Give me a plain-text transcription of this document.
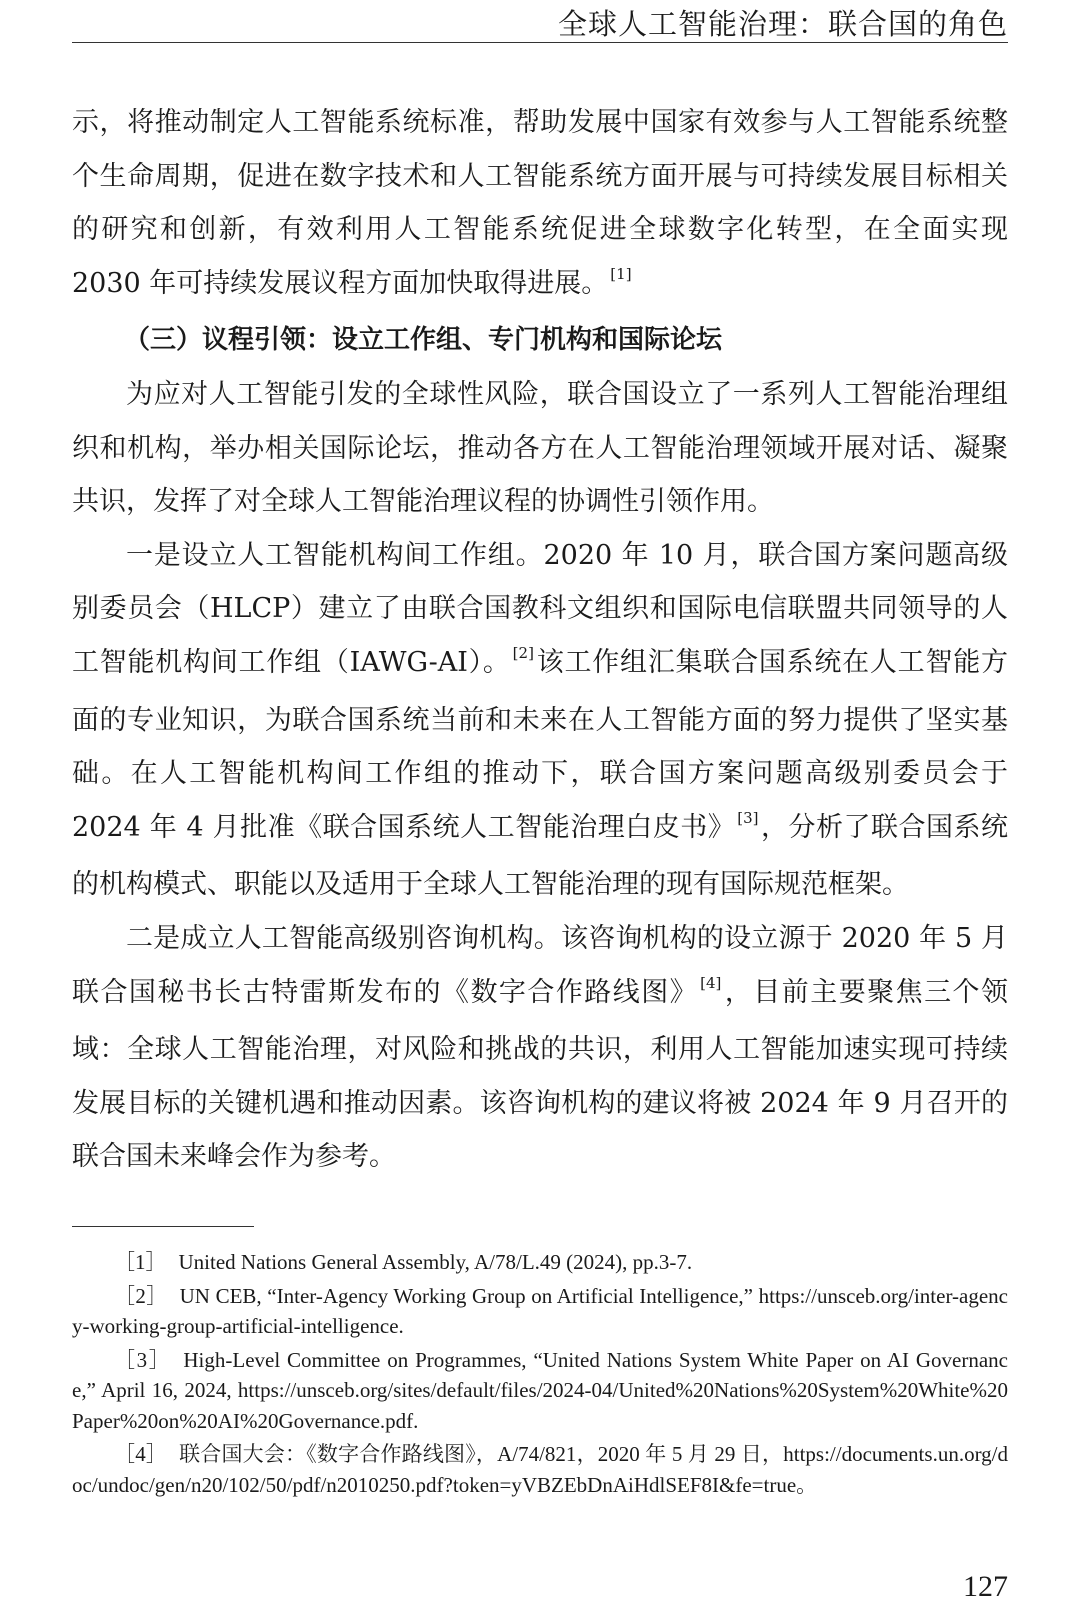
全球人工智能治理：联合国的角色

示，将推动制定人工智能系统标准，帮助发展中国家有效参与人工智能系统整个生命周期，促进在数字技术和人工智能系统方面开展与可持续发展目标相关的研究和创新，有效利用人工智能系统促进全球数字化转型，在全面实现 2030 年可持续发展议程方面加快取得进展。 [1]

（三）议程引领：设立工作组、专门机构和国际论坛

为应对人工智能引发的全球性风险，联合国设立了一系列人工智能治理组织和机构，举办相关国际论坛，推动各方在人工智能治理领域开展对话、凝聚共识，发挥了对全球人工智能治理议程的协调性引领作用。

一是设立人工智能机构间工作组。2020 年 10 月，联合国方案问题高级别委员会（HLCP）建立了由联合国教科文组织和国际电信联盟共同领导的人工智能机构间工作组（IAWG-AI）。 [2]该工作组汇集联合国系统在人工智能方面的专业知识，为联合国系统当前和未来在人工智能方面的努力提供了坚实基础。在人工智能机构间工作组的推动下，联合国方案问题高级别委员会于 2024 年 4 月批准《联合国系统人工智能治理白皮书》 [3]，分析了联合国系统的机构模式、职能以及适用于全球人工智能治理的现有国际规范框架。

二是成立人工智能高级别咨询机构。该咨询机构的设立源于 2020 年 5 月联合国秘书长古特雷斯发布的《数字合作路线图》 [4]，目前主要聚焦三个领域：全球人工智能治理，对风险和挑战的共识，利用人工智能加速实现可持续发展目标的关键机遇和推动因素。该咨询机构的建议将被 2024 年 9 月召开的联合国未来峰会作为参考。

［1］ United Nations General Assembly, A/78/L.49 (2024), pp.3-7.

［2］ UN CEB, “Inter-Agency Working Group on Artificial Intelligence,” https://unsceb.org/inter-agency-working-group-artificial-intelligence.

［3］ High-Level Committee on Programmes, “United Nations System White Paper on AI Governance,” April 16, 2024, https://unsceb.org/sites/default/files/2024-04/United%20Nations%20System%20White%20Paper%20on%20AI%20Governance.pdf.

［4］ 联合国大会：《数字合作路线图》，A/74/821，2020 年 5 月 29 日，https://documents.un.org/doc/undoc/gen/n20/102/50/pdf/n2010250.pdf?token=yVBZEbDnAiHdlSEF8I&fe=true。

127
